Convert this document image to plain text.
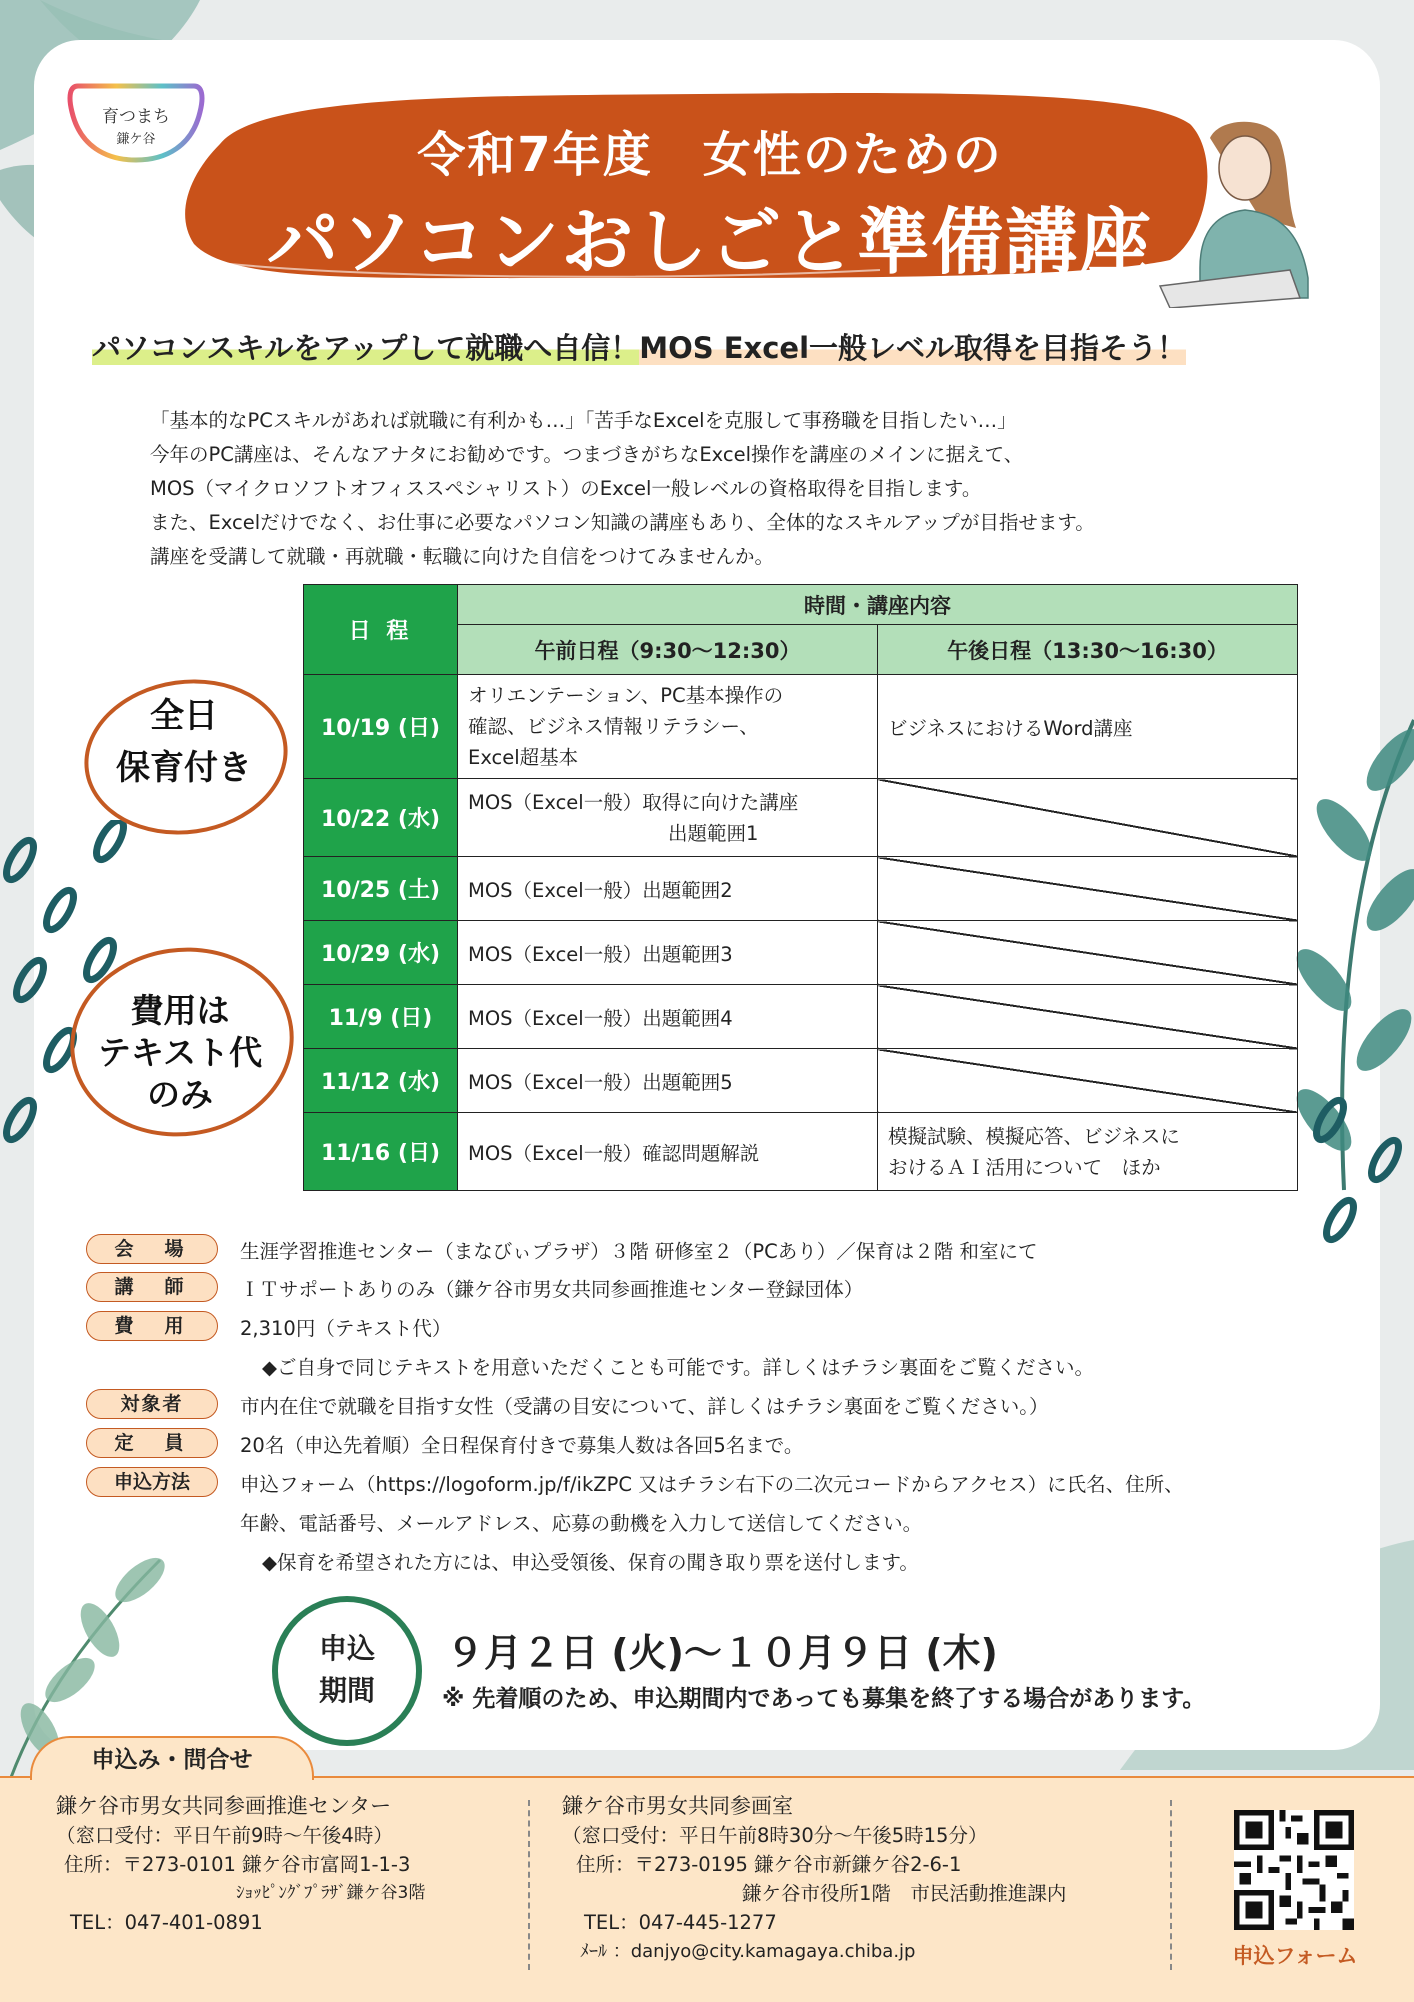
育つまち
鎌ケ谷	令和7年度　女性のための
パソコンおしごと準備講座
パソコンスキルをアップして就職へ自信！MOS Excel一般レベル取得を目指そう！
「基本的なPCスキルがあれば就職に有利かも…」「苦手なExcelを克服して事務職を目指したい…」
今年のPC講座は、そんなアナタにお勧めです。つまづきがちなExcel操作を講座のメインに据えて、
MOS（マイクロソフトオフィススペシャリスト）のExcel一般レベルの資格取得を目指します。
また、Excelだけでなく、お仕事に必要なパソコン知識の講座もあり、全体的なスキルアップが目指せます。
講座を受講して就職・再就職・転職に向けた自信をつけてみませんか。
全日
保育付き
費用は
テキスト代
のみ
日 程	時間・講座内容	
	午前日程（9:30〜12:30）	午後日程（13:30〜16:30）
10/19 (日)	オリエンテーション、PC基本操作の
確認、ビジネス情報リテラシー、
Excel超基本	ビジネスにおけるWord講座
10/22 (水)	MOS（Excel一般）取得に向けた講座
出題範囲1	

10/25 (土)	MOS（Excel一般）出題範囲2	
10/29 (水)	MOS（Excel一般）出題範囲3	
11/9 (日)	MOS（Excel一般）出題範囲4	
11/12 (水)	MOS（Excel一般）出題範囲5	
11/16 (日)	MOS（Excel一般）確認問題解説	模擬試験、模擬応答、ビジネスに
おけるＡＩ活用について　ほか
会　場	生涯学習推進センター（まなびぃプラザ）３階 研修室２（PCあり）／保育は２階 和室にて
講　師	ＩＴサポートありのみ（鎌ケ谷市男女共同参画推進センター登録団体）
費　用	2,310円（テキスト代）
◆ご自身で同じテキストを用意いただくことも可能です。詳しくはチラシ裏面をご覧ください。
対象者	市内在住で就職を目指す女性（受講の目安について、詳しくはチラシ裏面をご覧ください。）
定　員	20名（申込先着順）全日程保育付きで募集人数は各回5名まで。
申込方法	申込フォーム（https://logoform.jp/f/ikZPC 又はチラシ右下の二次元コードからアクセス）に氏名、住所、
年齢、電話番号、メールアドレス、応募の動機を入力して送信してください。
◆保育を希望された方には、申込受領後、保育の聞き取り票を送付します。
申込
期間
９月２日 (火)〜１０月９日 (木)
※ 先着順のため、申込期間内であっても募集を終了する場合があります。
申込み・問合せ
鎌ケ谷市男女共同参画推進センター
（窓口受付：平日午前9時〜午後4時）
住所：〒273-0101 鎌ケ谷市富岡1-1-3
ｼｮｯﾋﾟﾝｸﾞﾌﾟﾗｻﾞ鎌ケ谷3階
TEL：047-401-0891
鎌ケ谷市男女共同参画室
（窓口受付：平日午前8時30分〜午後5時15分）
住所：〒273-0195 鎌ケ谷市新鎌ケ谷2-6-1
鎌ケ谷市役所1階　市民活動推進課内
TEL：047-445-1277
ﾒｰﾙ ：danjyo@city.kamagaya.chiba.jp	申込フォーム
